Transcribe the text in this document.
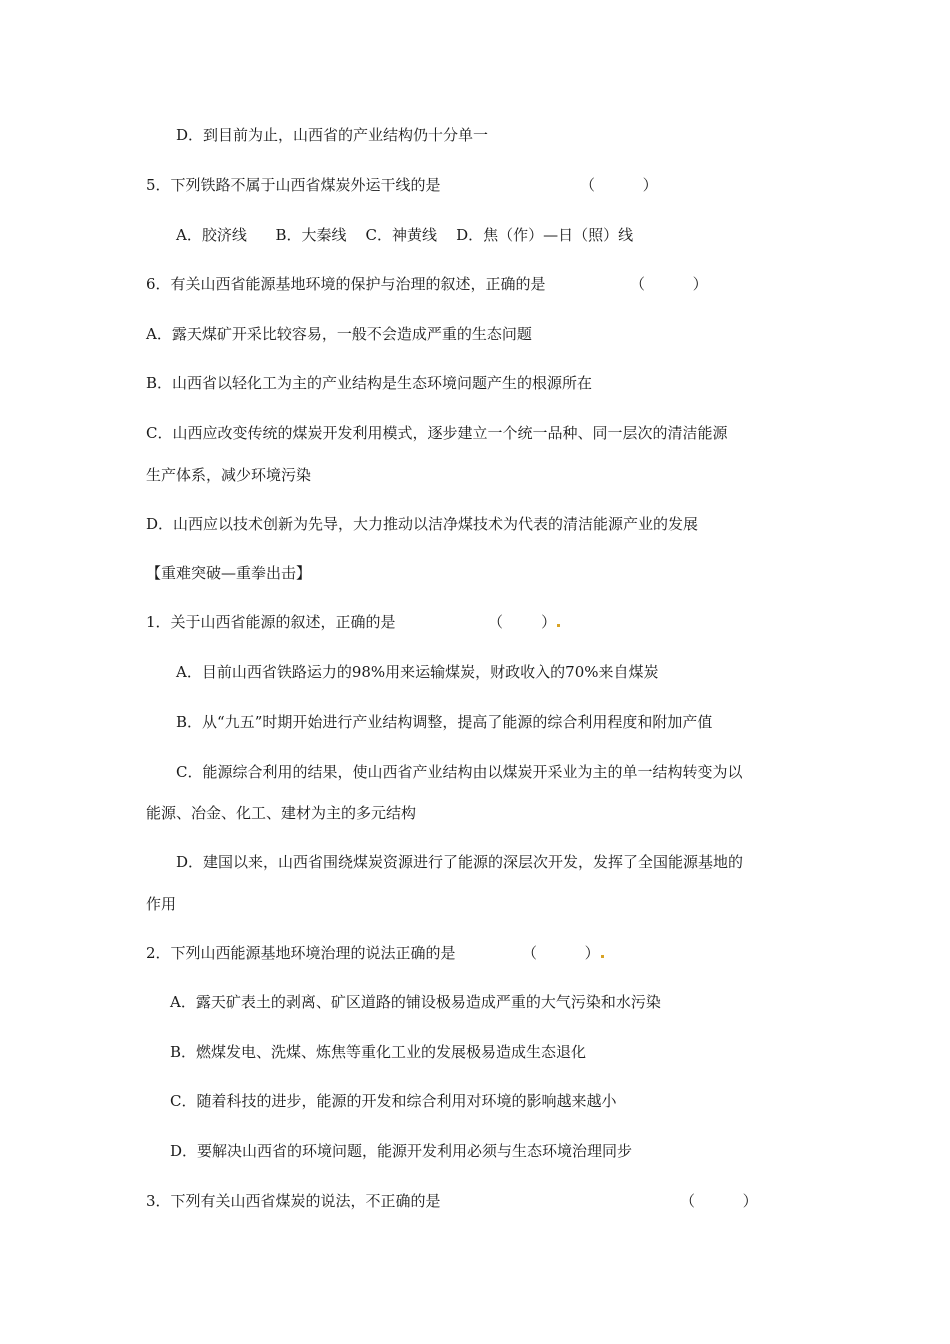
D．到目前为止，山西省的产业结构仍十分单一
5．下列铁路不属于山西省煤炭外运干线的是	（          ）
A．胶济线      B．大秦线    C．神黄线    D．焦（作）—日（照）线
6．有关山西省能源基地环境的保护与治理的叙述，正确的是	（          ）
A．露天煤矿开采比较容易，一般不会造成严重的生态问题
B．山西省以轻化工为主的产业结构是生态环境问题产生的根源所在
C．山西应改变传统的煤炭开发利用模式，逐步建立一个统一品种、同一层次的清洁能源
生产体系，减少环境污染
D．山西应以技术创新为先导，大力推动以洁净煤技术为代表的清洁能源产业的发展
【重难突破—重拳出击】
1．关于山西省能源的叙述，正确的是	（        ）
A．目前山西省铁路运力的98%用来运输煤炭，财政收入的70%来自煤炭
B．从“九五”时期开始进行产业结构调整，提高了能源的综合利用程度和附加产值
C．能源综合利用的结果，使山西省产业结构由以煤炭开采业为主的单一结构转变为以
能源、冶金、化工、建材为主的多元结构
D．建国以来，山西省围绕煤炭资源进行了能源的深层次开发，发挥了全国能源基地的
作用
2．下列山西能源基地环境治理的说法正确的是	（          ）
A．露天矿表土的剥离、矿区道路的铺设极易造成严重的大气污染和水污染
B．燃煤发电、洗煤、炼焦等重化工业的发展极易造成生态退化
C．随着科技的进步，能源的开发和综合利用对环境的影响越来越小
D．要解决山西省的环境问题，能源开发利用必须与生态环境治理同步
3．下列有关山西省煤炭的说法，不正确的是	（          ）
